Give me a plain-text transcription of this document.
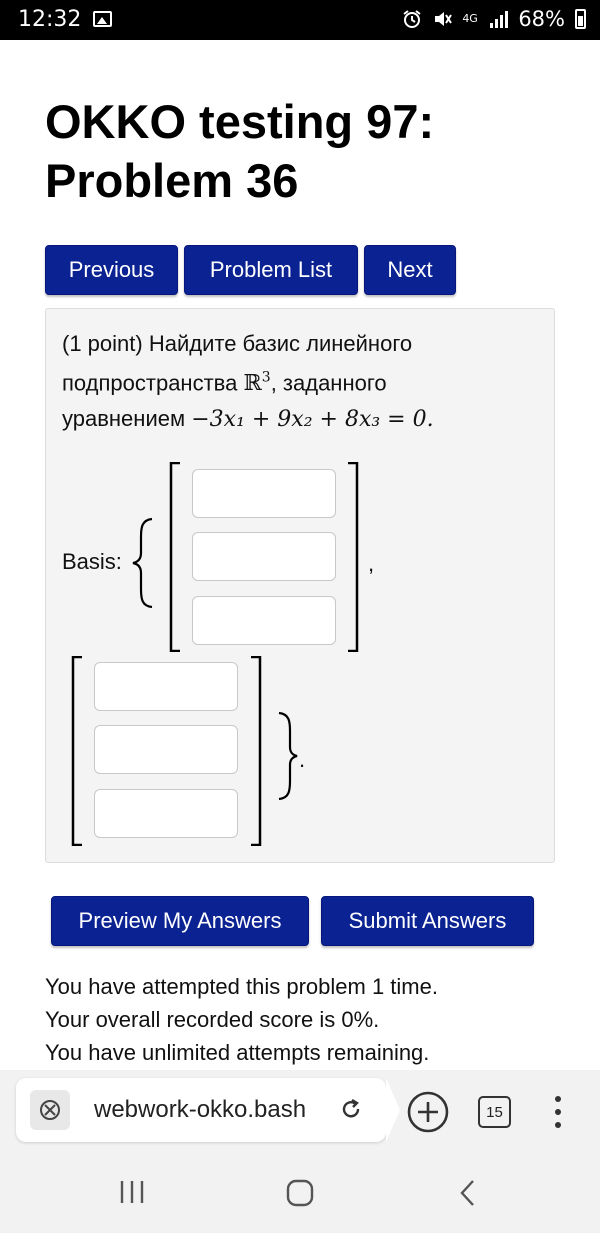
12:32	4G 68%
OKKO testing 97: Problem 36
Previous	Problem List	Next
(1 point) Найдите базис линейного
подпространства ℝ$^3$, заданного
уравнением −3x₁ + 9x₂ + 8x₃ = 0.
Basis:	,
.
Preview My Answers	Submit Answers
You have attempted this problem 1 time.
Your overall recorded score is 0%.
You have unlimited attempts remaining.
webwork-okko.bash	15
